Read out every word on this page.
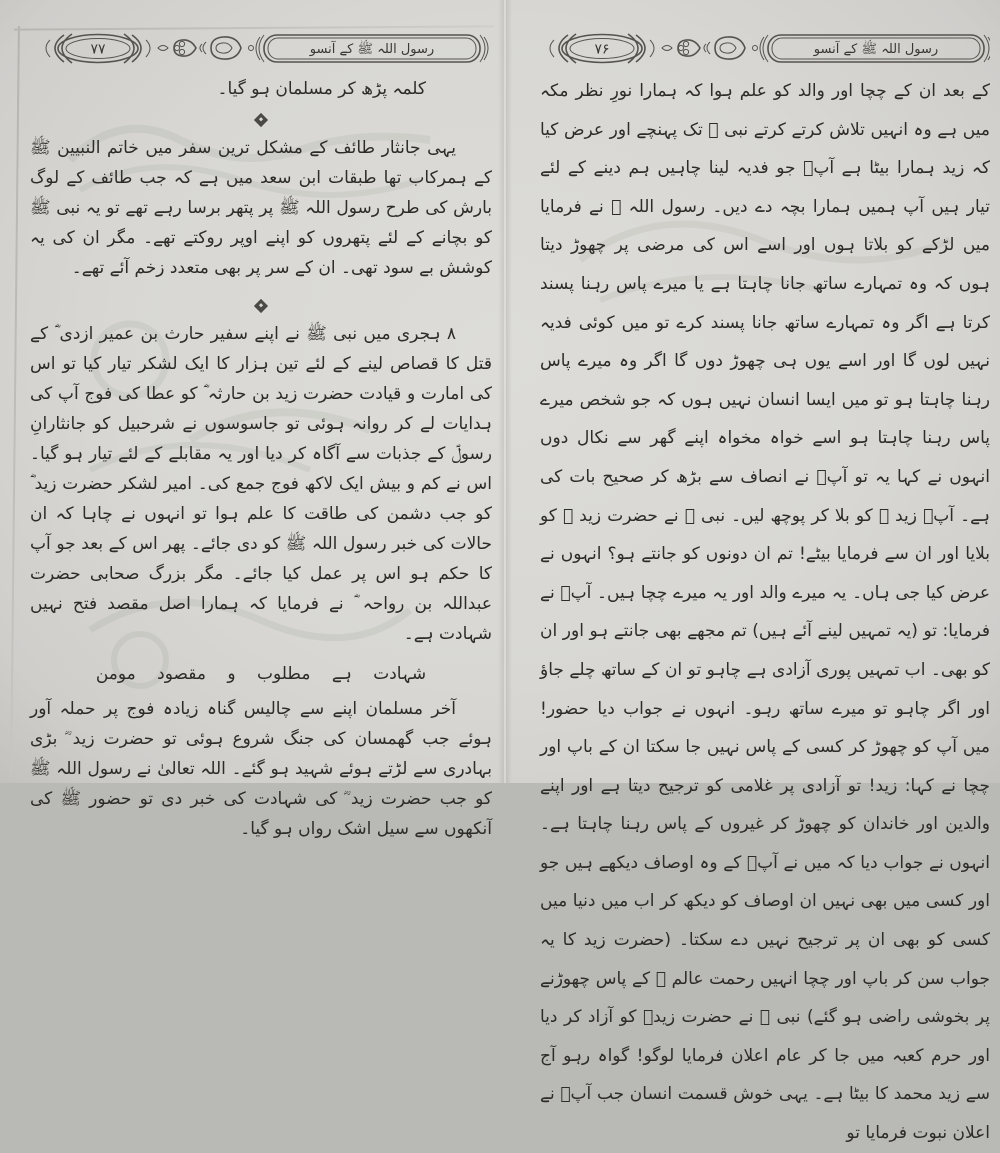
رسول اللہ ﷺ کے آنسو
۷۷
کلمہ پڑھ کر مسلمان ہو گیا۔

یہی جانثار طائف کے مشکل ترین سفر میں خاتم النبیین ﷺ کے ہمرکاب تھا طبقات ابن سعد میں ہے کہ جب طائف کے لوگ بارش کی طرح رسول اللہ ﷺ پر پتھر برسا رہے تھے تو یہ نبی ﷺ کو بچانے کے لئے پتھروں کو اپنے اوپر روکتے تھے۔ مگر ان کی یہ کوشش بے سود تھی۔ ان کے سر پر بھی متعدد زخم آئے تھے۔

۸ ہجری میں نبی ﷺ نے اپنے سفیر حارث بن عمیر ازدی ؓ کے قتل کا قصاص لینے کے لئے تین ہزار کا ایک لشکر تیار کیا تو اس کی امارت و قیادت حضرت زید بن حارثہ ؓ کو عطا کی فوج آپ کی ہدایات لے کر روانہ ہوئی تو جاسوسوں نے شرحبیل کو جانثارانِ رسولؐ کے جذبات سے آگاہ کر دیا اور یہ مقابلے کے لئے تیار ہو گیا۔ اس نے کم و بیش ایک لاکھ فوج جمع کی۔ امیر لشکر حضرت زید ؓ کو جب دشمن کی طاقت کا علم ہوا تو انہوں نے چاہا کہ ان حالات کی خبر رسول اللہ ﷺ کو دی جائے۔ پھر اس کے بعد جو آپ کا حکم ہو اس پر عمل کیا جائے۔ مگر بزرگ صحابی حضرت عبداللہ بن رواحہ ؓ نے فرمایا کہ ہمارا اصل مقصد فتح نہیں شہادت ہے۔

شہادت ہے مطلوب و مقصود مومن

آخر مسلمان اپنے سے چالیس گناہ زیادہ فوج پر حملہ آور ہوئے جب گھمسان کی جنگ شروع ہوئی تو حضرت زید ؓ بڑی بہادری سے لڑتے ہوئے شہید ہو گئے۔ اللہ تعالیٰ نے رسول اللہ ﷺ کو جب حضرت زید ؓ کی شہادت کی خبر دی تو حضور ﷺ کی آنکھوں سے سیل اشک رواں ہو گیا۔

رسول اللہ ﷺ کے آنسو
۷۶

کے بعد ان کے چچا اور والد کو علم ہوا کہ ہمارا نورِ نظر مکہ میں ہے وہ انہیں تلاش کرتے کرتے نبی ﷺ تک پہنچے اور عرض کیا کہ زید ہمارا بیٹا ہے آپؐ جو فدیہ لینا چاہیں ہم دینے کے لئے تیار ہیں آپ ہمیں ہمارا بچہ دے دیں۔ رسول اللہ ﷺ نے فرمایا میں لڑکے کو بلاتا ہوں اور اسے اس کی مرضی پر چھوڑ دیتا ہوں کہ وہ تمہارے ساتھ جانا چاہتا ہے یا میرے پاس رہنا پسند کرتا ہے اگر وہ تمہارے ساتھ جانا پسند کرے تو میں کوئی فدیہ نہیں لوں گا اور اسے یوں ہی چھوڑ دوں گا اگر وہ میرے پاس رہنا چاہتا ہو تو میں ایسا انسان نہیں ہوں کہ جو شخص میرے پاس رہنا چاہتا ہو اسے خواہ مخواہ اپنے گھر سے نکال دوں انہوں نے کہا یہ تو آپؐ نے انصاف سے بڑھ کر صحیح بات کی ہے۔ آپؐ زید ؓ کو بلا کر پوچھ لیں۔ نبی ﷺ نے حضرت زید ؓ کو بلایا اور ان سے فرمایا بیٹے! تم ان دونوں کو جانتے ہو؟ انہوں نے عرض کیا جی ہاں۔ یہ میرے والد اور یہ میرے چچا ہیں۔ آپؐ نے فرمایا: تو (یہ تمہیں لینے آئے ہیں) تم مجھے بھی جانتے ہو اور ان کو بھی۔ اب تمہیں پوری آزادی ہے چاہو تو ان کے ساتھ چلے جاؤ اور اگر چاہو تو میرے ساتھ رہو۔ انہوں نے جواب دیا حضور! میں آپ کو چھوڑ کر کسی کے پاس نہیں جا سکتا ان کے باپ اور چچا نے کہا: زید! تو آزادی پر غلامی کو ترجیح دیتا ہے اور اپنے والدین اور خاندان کو چھوڑ کر غیروں کے پاس رہنا چاہتا ہے۔ انہوں نے جواب دیا کہ میں نے آپؐ کے وہ اوصاف دیکھے ہیں جو اور کسی میں بھی نہیں ان اوصاف کو دیکھ کر اب میں دنیا میں کسی کو بھی ان پر ترجیح نہیں دے سکتا۔ (حضرت زید کا یہ جواب سن کر باپ اور چچا انہیں رحمت عالم ﷺ کے پاس چھوڑنے پر بخوشی راضی ہو گئے) نبی ﷺ نے حضرت زیدؓ کو آزاد کر دیا اور حرم کعبہ میں جا کر عام اعلان فرمایا لوگو! گواہ رہو آج سے زید محمد کا بیٹا ہے۔ یہی خوش قسمت انسان جب آپؐ نے اعلان نبوت فرمایا تو
